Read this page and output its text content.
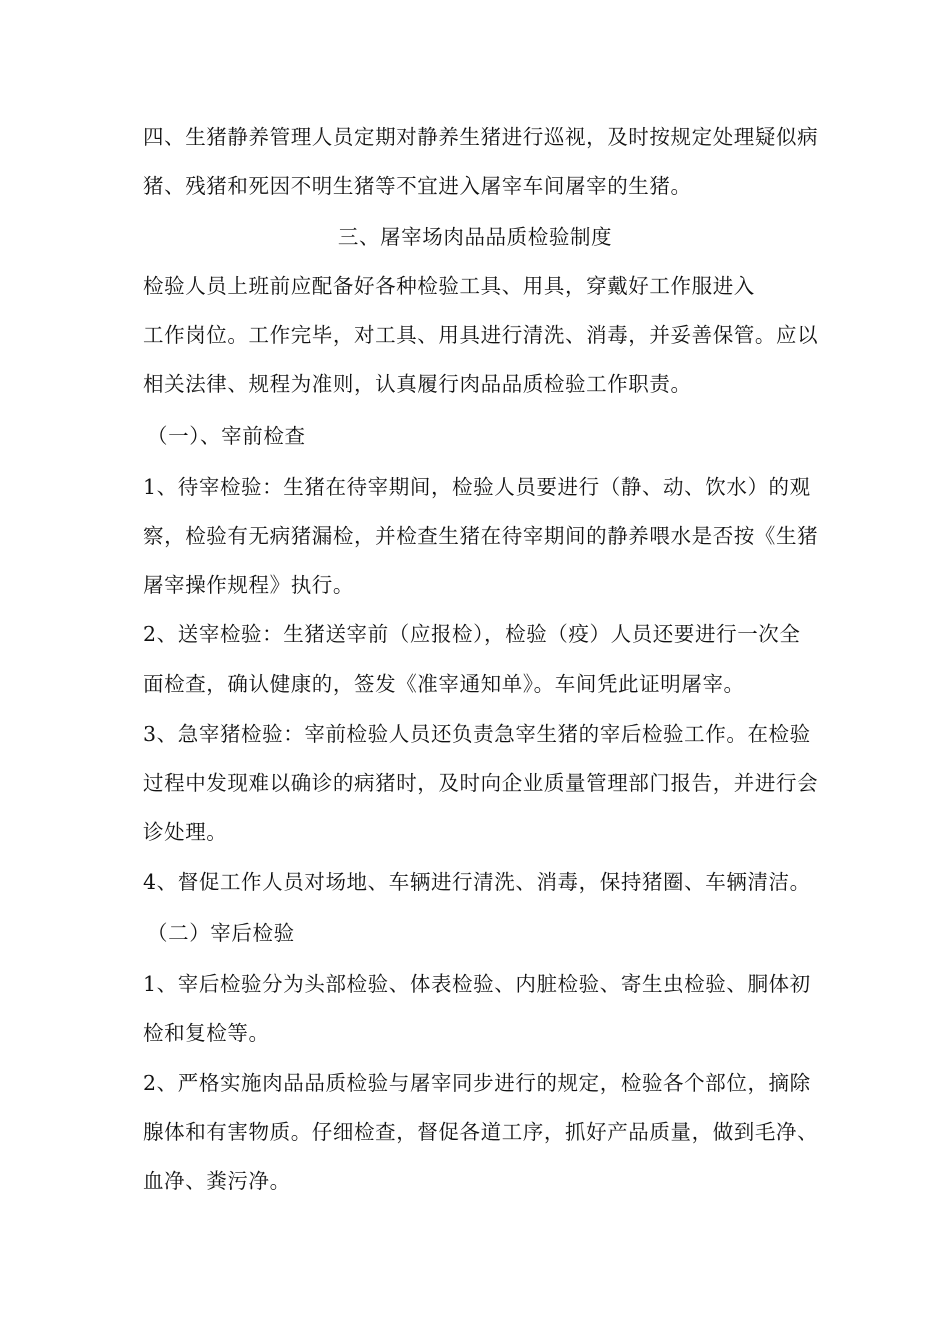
四、生猪静养管理人员定期对静养生猪进行巡视，及时按规定处理疑似病
猪、残猪和死因不明生猪等不宜进入屠宰车间屠宰的生猪。
三、屠宰场肉品品质检验制度
检验人员上班前应配备好各种检验工具、用具，穿戴好工作服进入
工作岗位。工作完毕，对工具、用具进行清洗、消毒，并妥善保管。应以
相关法律、规程为准则，认真履行肉品品质检验工作职责。
（一）、宰前检查
1、待宰检验：生猪在待宰期间，检验人员要进行（静、动、饮水）的观
察，检验有无病猪漏检，并检查生猪在待宰期间的静养喂水是否按《生猪
屠宰操作规程》执行。
2、送宰检验：生猪送宰前（应报检），检验（疫）人员还要进行一次全
面检查，确认健康的，签发《准宰通知单》。车间凭此证明屠宰。
3、急宰猪检验：宰前检验人员还负责急宰生猪的宰后检验工作。在检验
过程中发现难以确诊的病猪时，及时向企业质量管理部门报告，并进行会
诊处理。
4、督促工作人员对场地、车辆进行清洗、消毒，保持猪圈、车辆清洁。
（二）宰后检验
1、宰后检验分为头部检验、体表检验、内脏检验、寄生虫检验、胴体初
检和复检等。
2、严格实施肉品品质检验与屠宰同步进行的规定，检验各个部位，摘除
腺体和有害物质。仔细检查，督促各道工序，抓好产品质量，做到毛净、
血净、粪污净。
